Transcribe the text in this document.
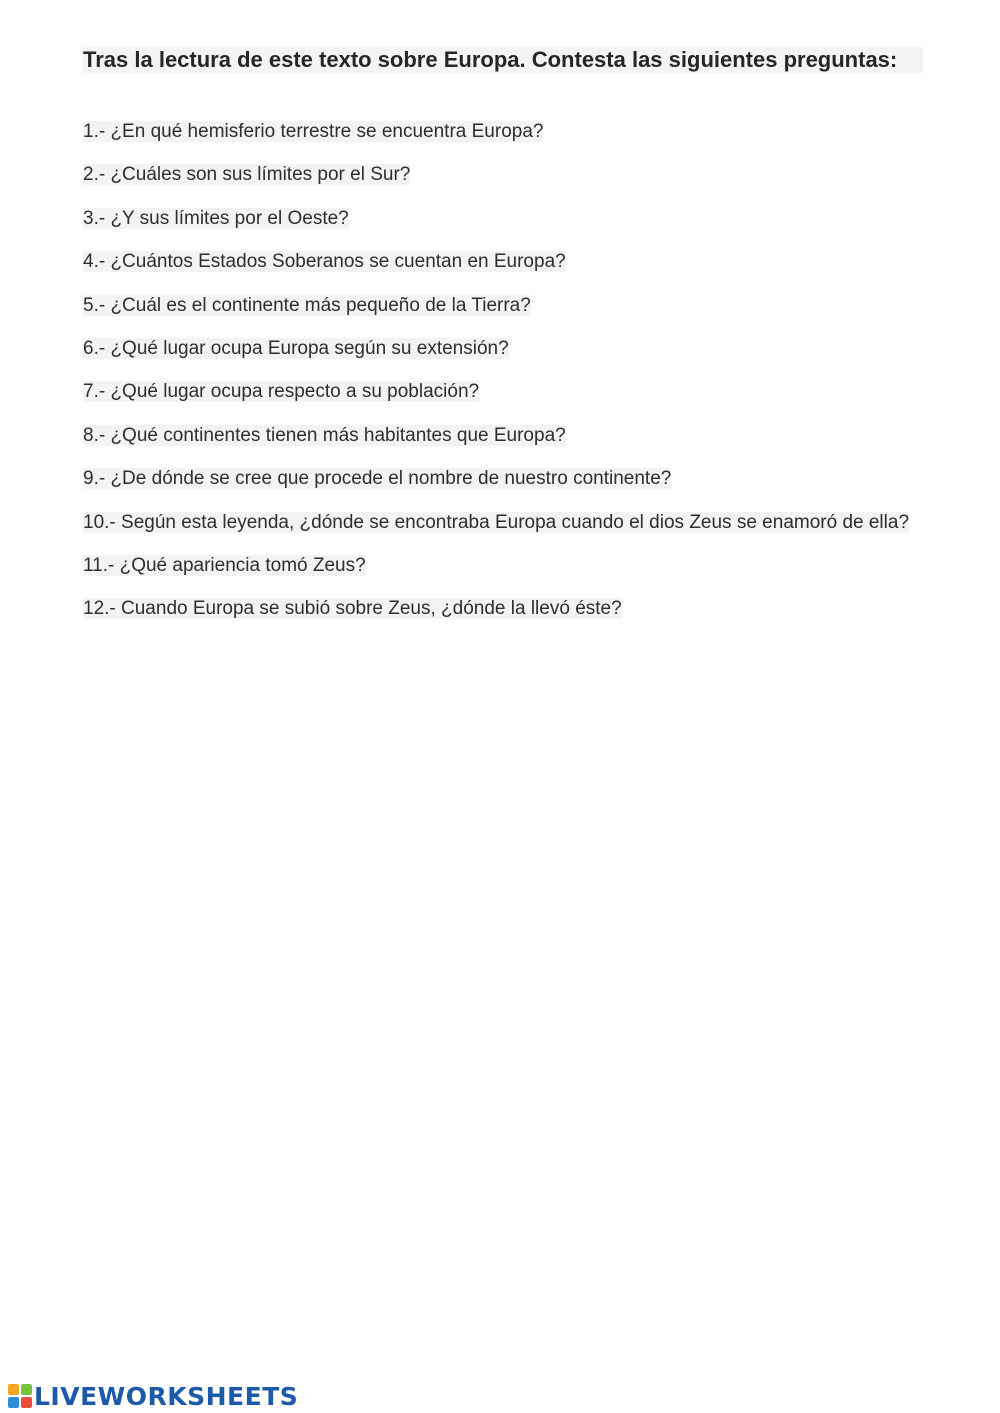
Tras la lectura de este texto sobre Europa. Contesta las siguientes preguntas:
1.- ¿En qué hemisferio terrestre se encuentra Europa?
2.- ¿Cuáles son sus límites por el Sur?
3.- ¿Y sus límites por el Oeste?
4.- ¿Cuántos Estados Soberanos se cuentan en Europa?
5.- ¿Cuál es el continente más pequeño de la Tierra?
6.- ¿Qué lugar ocupa Europa según su extensión?
7.- ¿Qué lugar ocupa respecto a su población?
8.- ¿Qué continentes tienen más habitantes que Europa?
9.- ¿De dónde se cree que procede el nombre de nuestro continente?
10.- Según esta leyenda, ¿dónde se encontraba Europa cuando el dios Zeus se enamoró de ella?
11.- ¿Qué apariencia tomó Zeus?
12.- Cuando Europa se subió sobre Zeus, ¿dónde la llevó éste?
LIVEWORKSHEETS
